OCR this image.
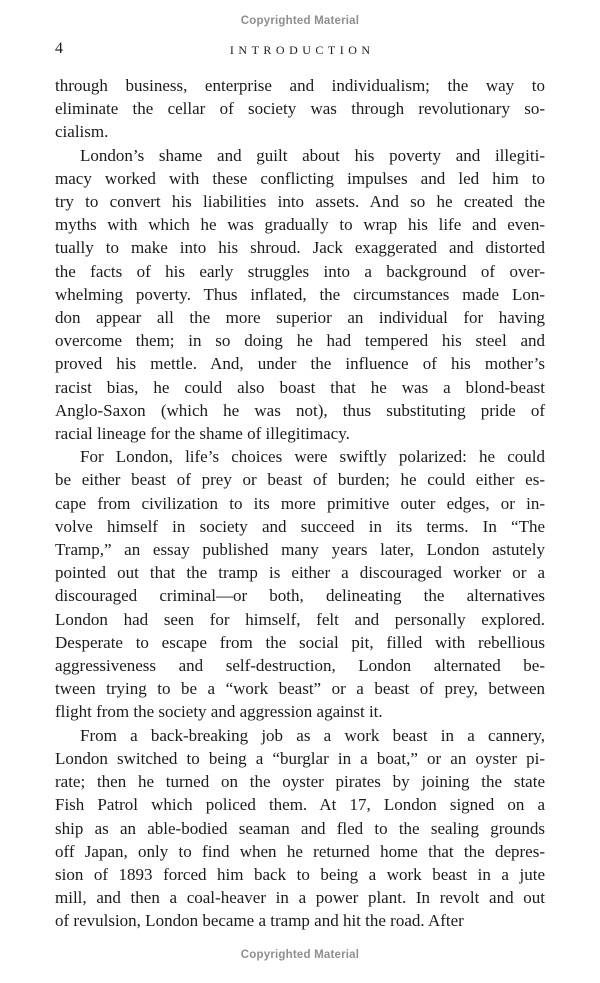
Copyrighted Material
4	INTRODUCTION
through business, enterprise and individualism; the way to
eliminate the cellar of society was through revolutionary so-
cialism.
London’s shame and guilt about his poverty and illegiti-
macy worked with these conflicting impulses and led him to
try to convert his liabilities into assets. And so he created the
myths with which he was gradually to wrap his life and even-
tually to make into his shroud. Jack exaggerated and distorted
the facts of his early struggles into a background of over-
whelming poverty. Thus inflated, the circumstances made Lon-
don appear all the more superior an individual for having
overcome them; in so doing he had tempered his steel and
proved his mettle. And, under the influence of his mother’s
racist bias, he could also boast that he was a blond-beast
Anglo-Saxon (which he was not), thus substituting pride of
racial lineage for the shame of illegitimacy.
For London, life’s choices were swiftly polarized: he could
be either beast of prey or beast of burden; he could either es-
cape from civilization to its more primitive outer edges, or in-
volve himself in society and succeed in its terms. In “The
Tramp,” an essay published many years later, London astutely
pointed out that the tramp is either a discouraged worker or a
discouraged criminal—or both, delineating the alternatives
London had seen for himself, felt and personally explored.
Desperate to escape from the social pit, filled with rebellious
aggressiveness and self-destruction, London alternated be-
tween trying to be a “work beast” or a beast of prey, between
flight from the society and aggression against it.
From a back-breaking job as a work beast in a cannery,
London switched to being a “burglar in a boat,” or an oyster pi-
rate; then he turned on the oyster pirates by joining the state
Fish Patrol which policed them. At 17, London signed on a
ship as an able-bodied seaman and fled to the sealing grounds
off Japan, only to find when he returned home that the depres-
sion of 1893 forced him back to being a work beast in a jute
mill, and then a coal-heaver in a power plant. In revolt and out
of revulsion, London became a tramp and hit the road. After
Copyrighted Material
